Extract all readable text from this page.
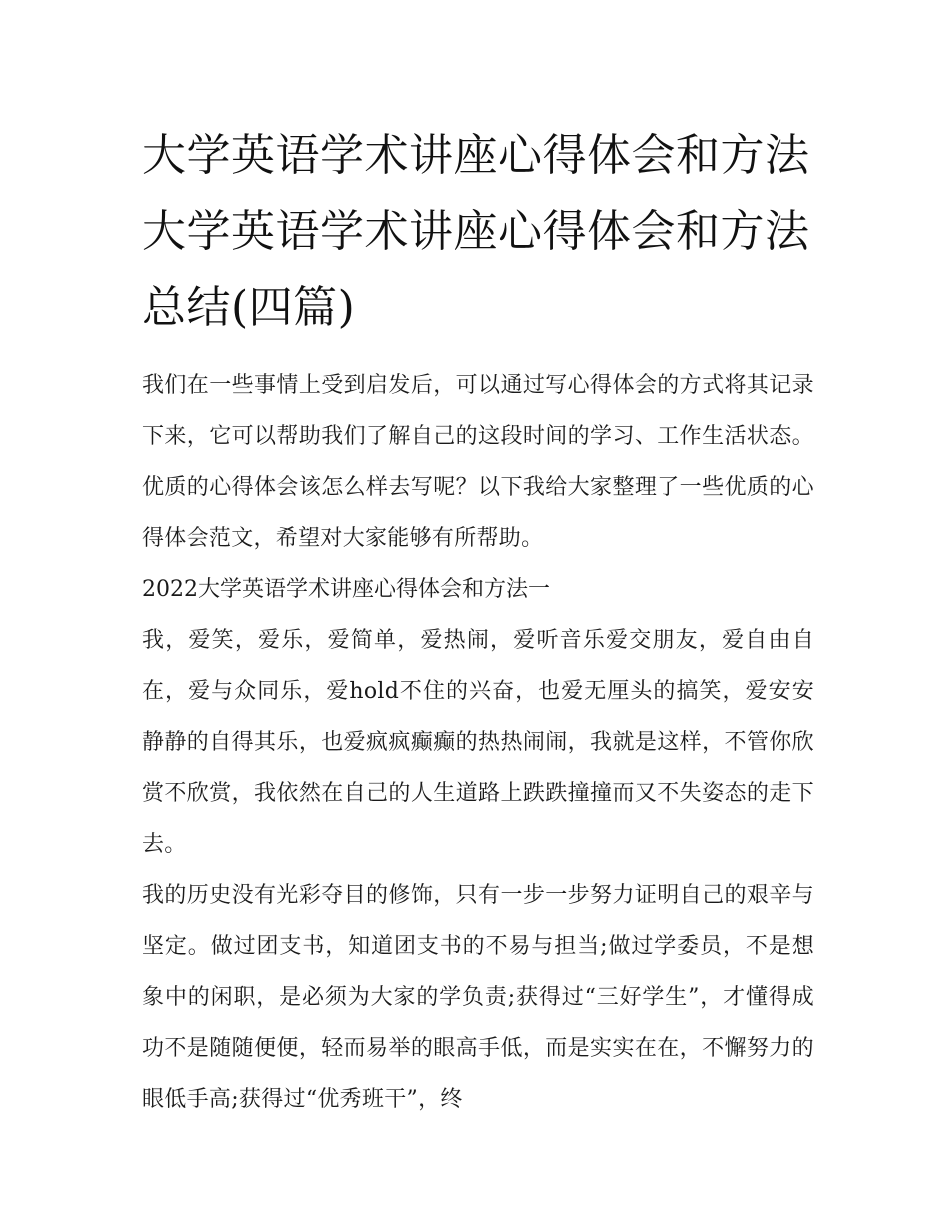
大学英语学术讲座心得体会和方法 大学英语学术讲座心得体会和方法总结(四篇)

我们在一些事情上受到启发后，可以通过写心得体会的方式将其记录下来，它可以帮助我们了解自己的这段时间的学习、工作生活状态。优质的心得体会该怎么样去写呢？以下我给大家整理了一些优质的心得体会范文，希望对大家能够有所帮助。

2022大学英语学术讲座心得体会和方法一

我，爱笑，爱乐，爱简单，爱热闹，爱听音乐爱交朋友，爱自由自在，爱与众同乐，爱hold不住的兴奋，也爱无厘头的搞笑，爱安安静静的自得其乐，也爱疯疯癫癫的热热闹闹，我就是这样，不管你欣赏不欣赏，我依然在自己的人生道路上跌跌撞撞而又不失姿态的走下去。

我的历史没有光彩夺目的修饰，只有一步一步努力证明自己的艰辛与坚定。做过团支书，知道团支书的不易与担当;做过学委员，不是想象中的闲职，是必须为大家的学负责;获得过“三好学生”，才懂得成功不是随随便便，轻而易举的眼高手低，而是实实在在，不懈努力的眼低手高;获得过“优秀班干”，终
